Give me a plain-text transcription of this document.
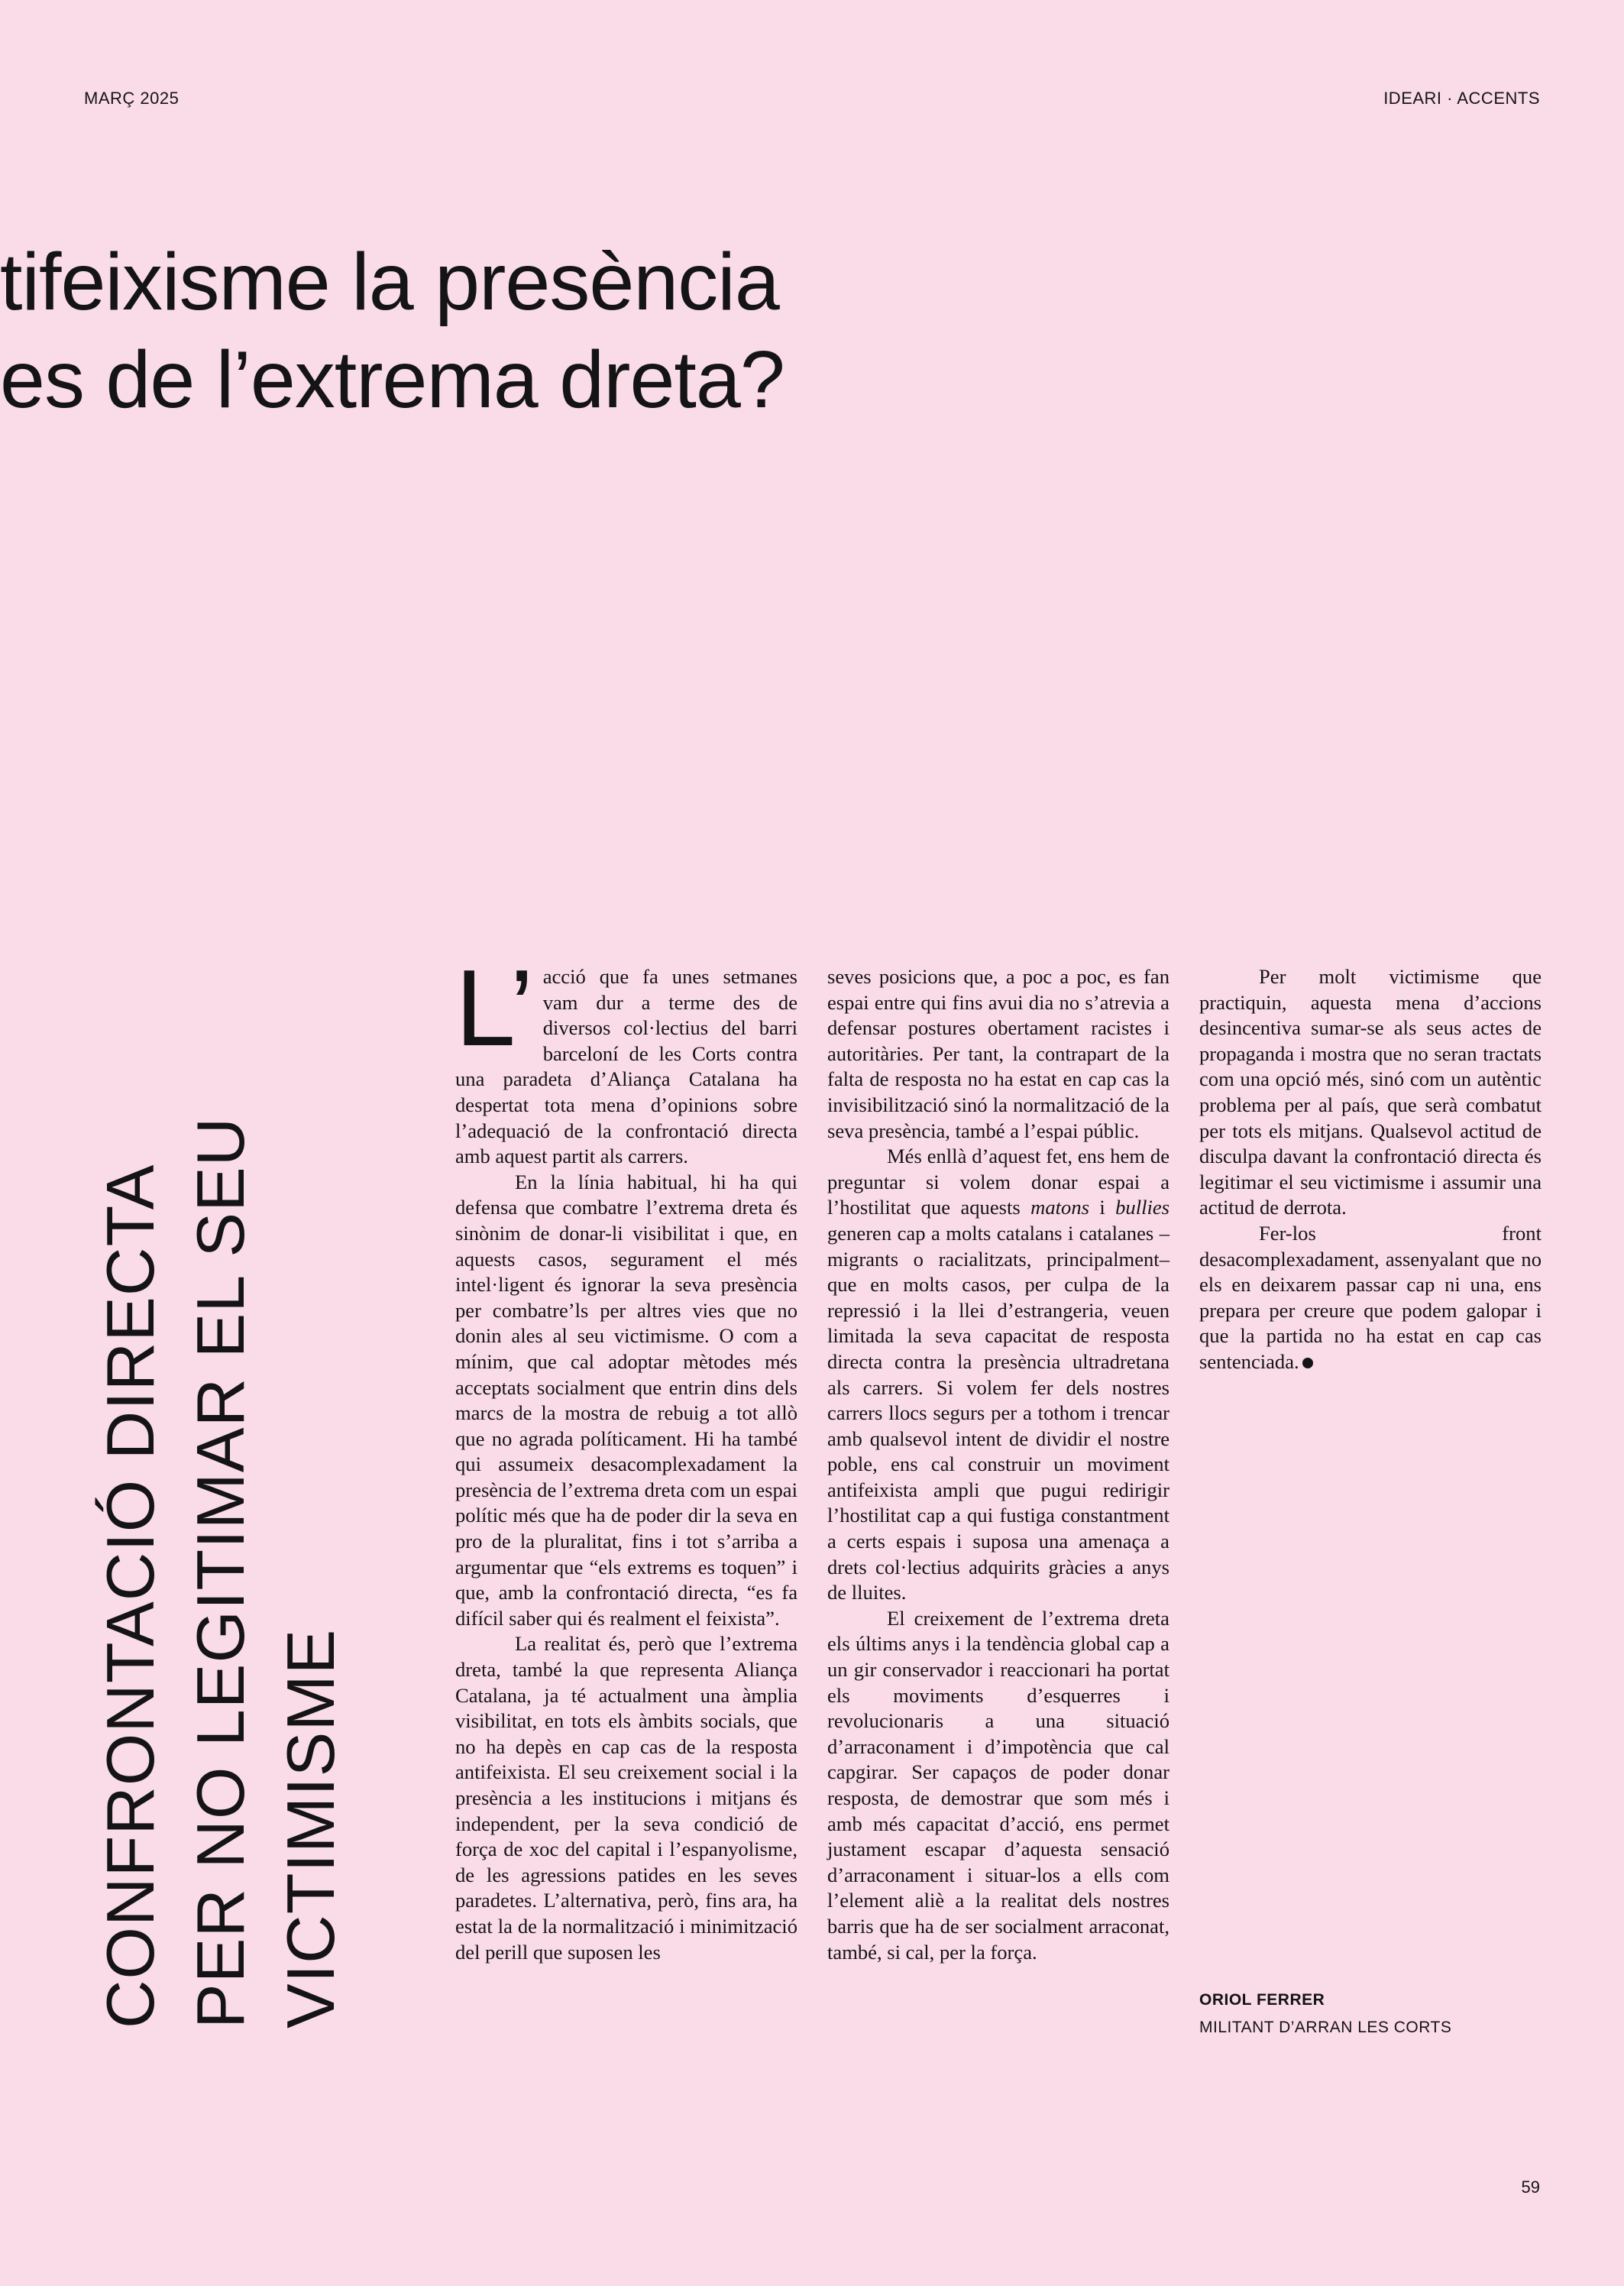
MARÇ 2025	IDEARI · ACCENTS
tifeixisme la presència
es de l’extrema dreta?
CONFRONTACIÓ DIRECTA PER NO LEGITIMAR EL SEU VICTIMISME

L’ acció que fa unes setmanes vam dur a terme des de diversos col·lectius del barri barceloní de les Corts contra una paradeta d’Aliança Catalana ha despertat tota mena d’opinions sobre l’adequació de la confrontació directa amb aquest partit als carrers.

En la línia habitual, hi ha qui defensa que combatre l’extrema dreta és sinònim de donar-li visibilitat i que, en aquests casos, segurament el més intel·ligent és ignorar la seva presència per combatre’ls per altres vies que no donin ales al seu victimisme. O com a mínim, que cal adoptar mètodes més acceptats socialment que entrin dins dels marcs de la mostra de rebuig a tot allò que no agrada políticament. Hi ha també qui assumeix desacomplexadament la presència de l’extrema dreta com un espai polític més que ha de poder dir la seva en pro de la pluralitat, fins i tot s’arriba a argumentar que “els extrems es toquen” i que, amb la confrontació directa, “es fa difícil saber qui és realment el feixista”.

La realitat és, però que l’extrema dreta, també la que representa Aliança Catalana, ja té actualment una àmplia visibilitat, en tots els àmbits socials, que no ha depès en cap cas de la resposta antifeixista. El seu creixement social i la presència a les institucions i mitjans és independent, per la seva condició de força de xoc del capital i l’espanyolisme, de les agressions patides en les seves paradetes. L’alternativa, però, fins ara, ha estat la de la normalització i minimització del perill que suposen les

seves posicions que, a poc a poc, es fan espai entre qui fins avui dia no s’atrevia a defensar postures obertament racistes i autoritàries. Per tant, la contrapart de la falta de resposta no ha estat en cap cas la invisibilització sinó la normalització de la seva presència, també a l’espai públic.

Més enllà d’aquest fet, ens hem de preguntar si volem donar espai a l’hostilitat que aquests matons i bullies generen cap a molts catalans i catalanes –migrants o racialitzats, principalment– que en molts casos, per culpa de la repressió i la llei d’estrangeria, veuen limitada la seva capacitat de resposta directa contra la presència ultradretana als carrers. Si volem fer dels nostres carrers llocs segurs per a tothom i trencar amb qualsevol intent de dividir el nostre poble, ens cal construir un moviment antifeixista ampli que pugui redirigir l’hostilitat cap a qui fustiga constantment a certs espais i suposa una amenaça a drets col·lectius adquirits gràcies a anys de lluites.

El creixement de l’extrema dreta els últims anys i la tendència global cap a un gir conservador i reaccionari ha portat els moviments d’esquerres i revolucionaris a una situació d’arraconament i d’impotència que cal capgirar. Ser capaços de poder donar resposta, de demostrar que som més i amb més capacitat d’acció, ens permet justament escapar d’aquesta sensació d’arraconament i situar-los a ells com l’element aliè a la realitat dels nostres barris que ha de ser socialment arraconat, també, si cal, per la força.

Per molt victimisme que practiquin, aquesta mena d’accions desincentiva sumar-se als seus actes de propaganda i mostra que no seran tractats com una opció més, sinó com un autèntic problema per al país, que serà combatut per tots els mitjans. Qualsevol actitud de disculpa davant la confrontació directa és legitimar el seu victimisme i assumir una actitud de derrota.

Fer-los front desacomplexadament, assenyalant que no els en deixarem passar cap ni una, ens prepara per creure que podem galopar i que la partida no ha estat en cap cas sentenciada.

ORIOL FERRER
MILITANT D’ARRAN LES CORTS
59
